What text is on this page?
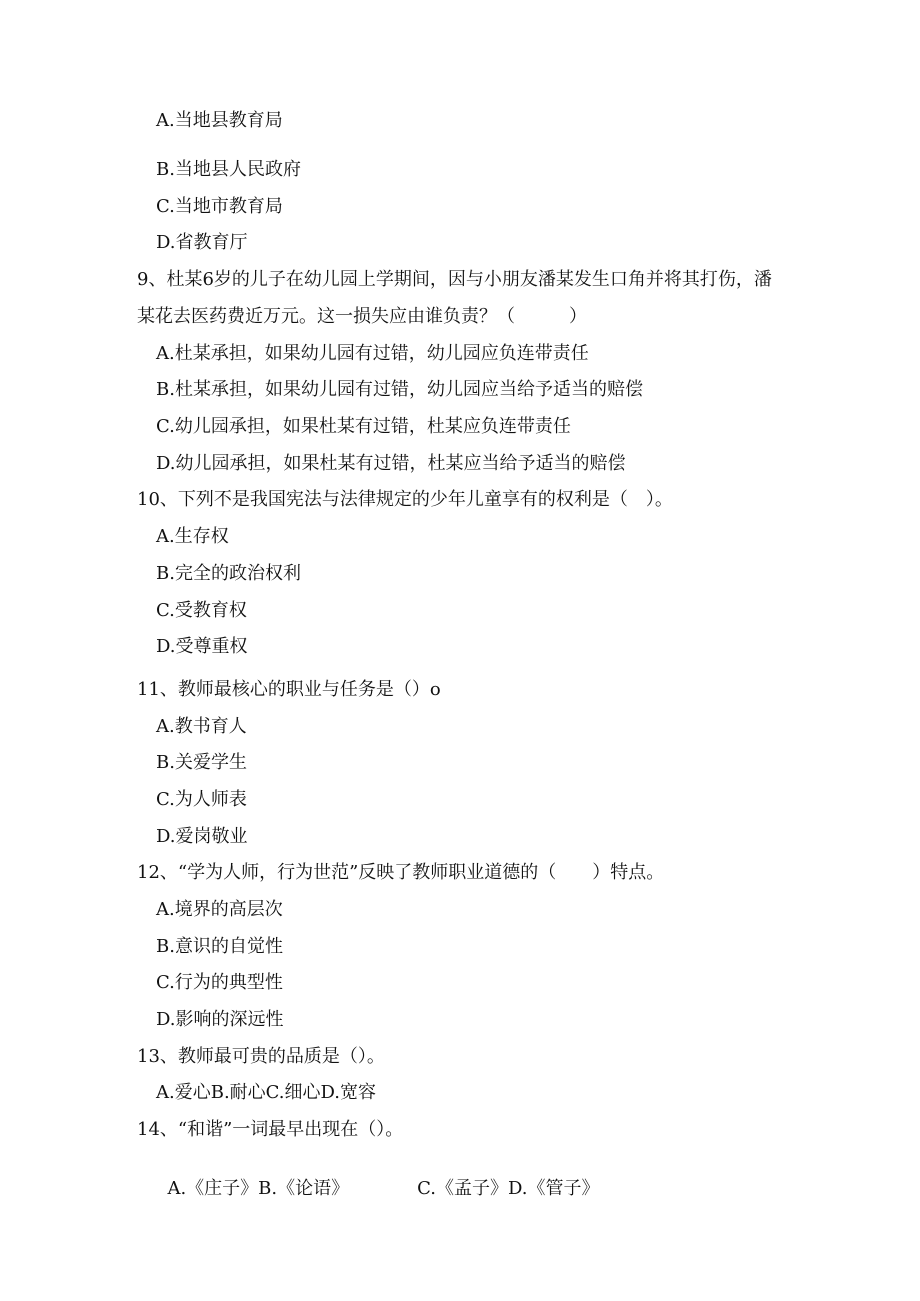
A.当地县教育局
B.当地县人民政府
C.当地市教育局
D.省教育厅
9、杜某6岁的儿子在幼儿园上学期间，因与小朋友潘某发生口角并将其打伤，潘
某花去医药费近万元。这一损失应由谁负责？（　　　）
A.杜某承担，如果幼儿园有过错，幼儿园应负连带责任
B.杜某承担，如果幼儿园有过错，幼儿园应当给予适当的赔偿
C.幼儿园承担，如果杜某有过错，杜某应负连带责任
D.幼儿园承担，如果杜某有过错，杜某应当给予适当的赔偿
10、下列不是我国宪法与法律规定的少年儿童享有的权利是（　）。
A.生存权
B.完全的政治权利
C.受教育权
D.受尊重权
11、教师最核心的职业与任务是（）o
A.教书育人
B.关爱学生
C.为人师表
D.爱岗敬业
12、“学为人师，行为世范”反映了教师职业道德的（　　）特点。
A.境界的高层次
B.意识的自觉性
C.行为的典型性
D.影响的深远性
13、教师最可贵的品质是（）。
A.爱心B.耐心C.细心D.宽容
14、“和谐”一词最早出现在（）。

A.《庄子》B.《论语》	C.《孟子》D.《管子》
